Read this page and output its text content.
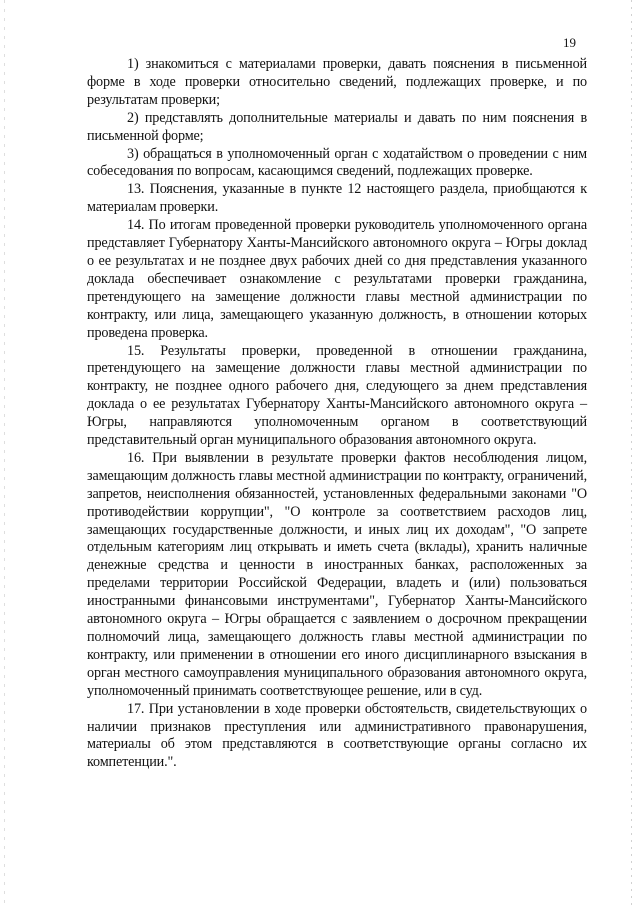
19

1) знакомиться с материалами проверки, давать пояснения в письменной форме в ходе проверки относительно сведений, подлежащих проверке, и по результатам проверки;

2) представлять дополнительные материалы и давать по ним пояснения в письменной форме;

3) обращаться в уполномоченный орган с ходатайством о проведении с ним собеседования по вопросам, касающимся сведений, подлежащих проверке.

13. Пояснения, указанные в пункте 12 настоящего раздела, приобщаются к материалам проверки.

14. По итогам проведенной проверки руководитель уполномоченного органа представляет Губернатору Ханты-Мансийского автономного округа – Югры доклад о ее результатах и не позднее двух рабочих дней со дня представления указанного доклада обеспечивает ознакомление с результатами проверки гражданина, претендующего на замещение должности главы местной администрации по контракту, или лица, замещающего указанную должность, в отношении которых проведена проверка.

15. Результаты проверки, проведенной в отношении гражданина, претендующего на замещение должности главы местной администрации по контракту, не позднее одного рабочего дня, следующего за днем представления доклада о ее результатах Губернатору Ханты-Мансийского автономного округа – Югры, направляются уполномоченным органом в соответствующий представительный орган муниципального образования автономного округа.

16. При выявлении в результате проверки фактов несоблюдения лицом, замещающим должность главы местной администрации по контракту, ограничений, запретов, неисполнения обязанностей, установленных федеральными законами "О противодействии коррупции", "О контроле за соответствием расходов лиц, замещающих государственные должности, и иных лиц их доходам", "О запрете отдельным категориям лиц открывать и иметь счета (вклады), хранить наличные денежные средства и ценности в иностранных банках, расположенных за пределами территории Российской Федерации, владеть и (или) пользоваться иностранными финансовыми инструментами", Губернатор Ханты-Мансийского автономного округа – Югры обращается с заявлением о досрочном прекращении полномочий лица, замещающего должность главы местной администрации по контракту, или применении в отношении его иного дисциплинарного взыскания в орган местного самоуправления муниципального образования автономного округа, уполномоченный принимать соответствующее решение, или в суд.

17. При установлении в ходе проверки обстоятельств, свидетельствующих о наличии признаков преступления или административного правонарушения, материалы об этом представляются в соответствующие органы согласно их компетенции.".
